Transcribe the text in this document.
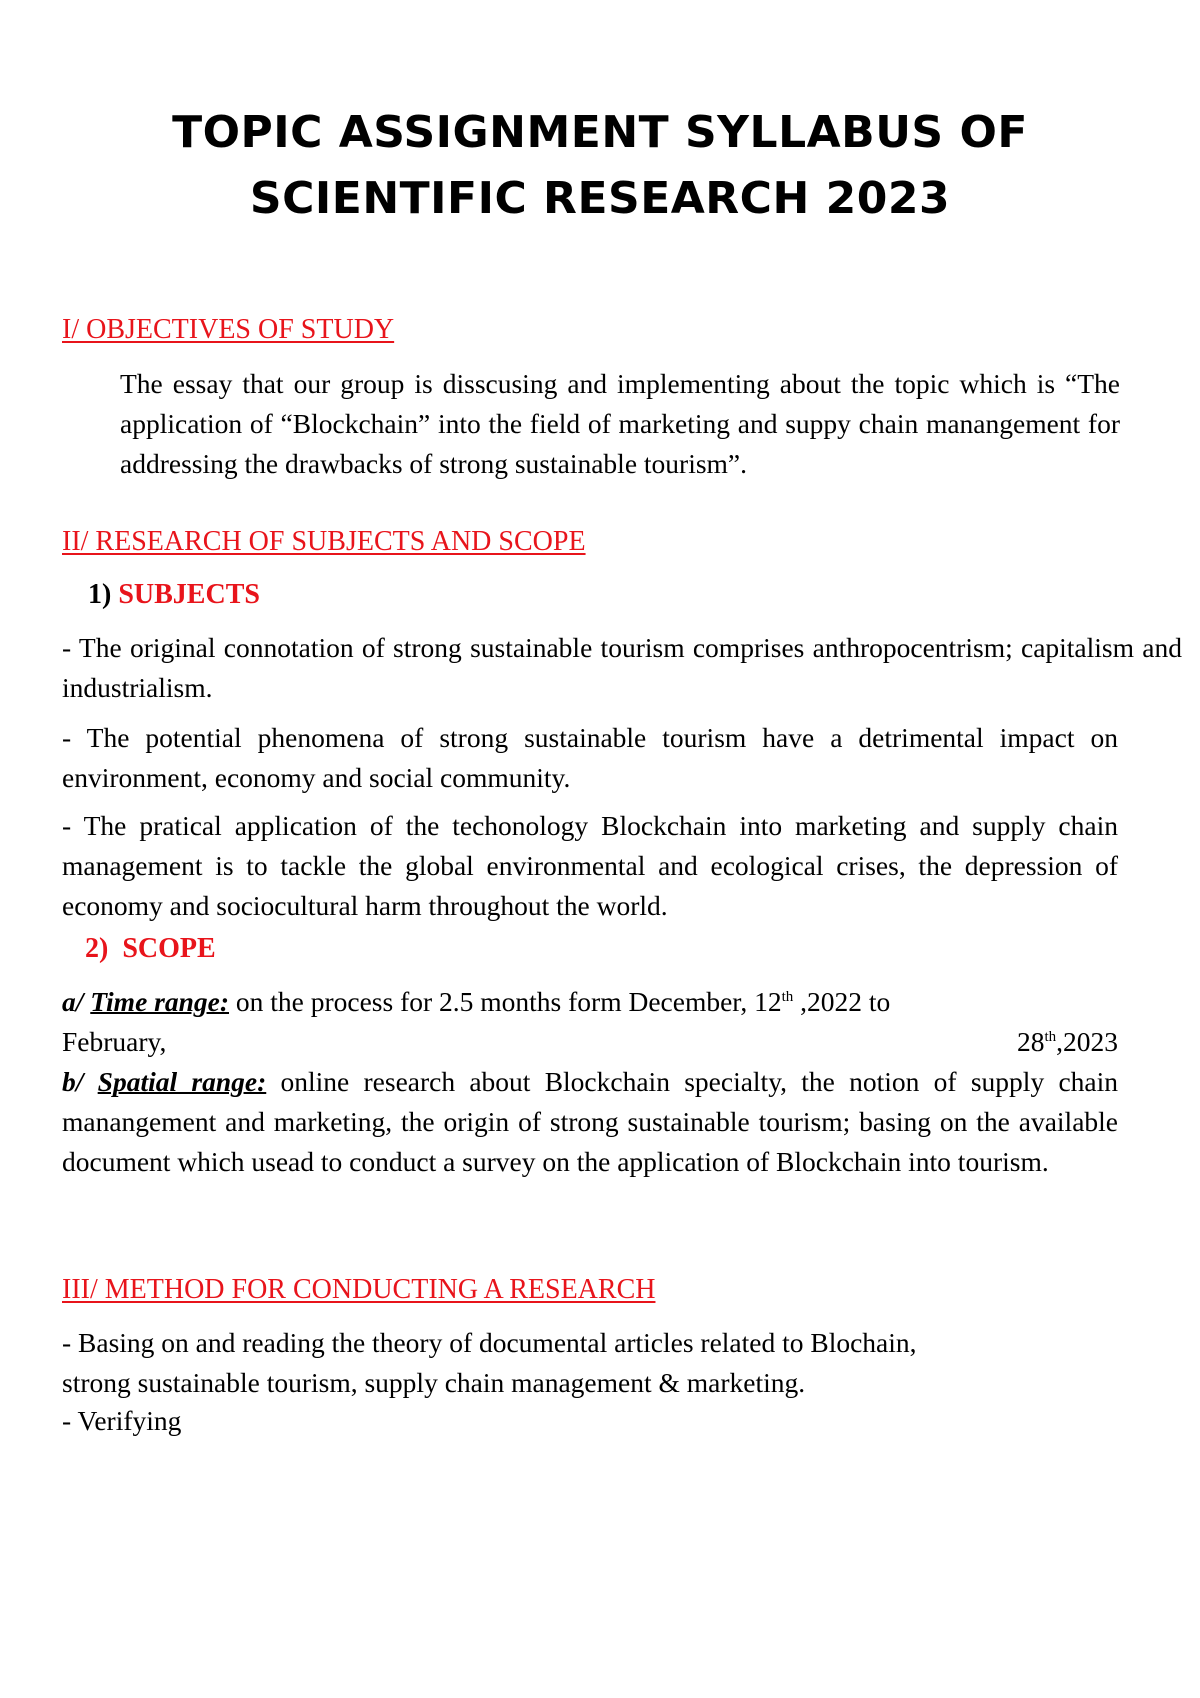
TOPIC ASSIGNMENT SYLLABUS OF
SCIENTIFIC RESEARCH 2023
I/ OBJECTIVES OF STUDY

The essay that our group is disscusing and implementing about the topic which is “The application of “Blockchain” into the field of marketing and suppy chain manangement for addressing the drawbacks of strong sustainable tourism”.

II/ RESEARCH OF SUBJECTS AND SCOPE

1) SUBJECTS

- The original connotation of strong sustainable tourism comprises anthropocentrism; capitalism and industrialism.

- The potential phenomena of strong sustainable tourism have a detrimental impact on environment, economy and social community.

- The pratical application of the techonology Blockchain into marketing and supply chain management is to tackle the global environmental and ecological crises, the depression of economy and sociocultural harm throughout the world.

2) SCOPE

a/ Time range: on the process for 2.5 months form December, 12th ,2022 to

February,	28th,2023

b/ Spatial range: online research about Blockchain specialty, the notion of supply chain manangement and marketing, the origin of strong sustainable tourism; basing on the available document which usead to conduct a survey on the application of Blockchain into tourism.

III/ METHOD FOR CONDUCTING A RESEARCH

- Basing on and reading the theory of documental articles related to Blochain,

strong sustainable tourism, supply chain management & marketing.

- Verifying
